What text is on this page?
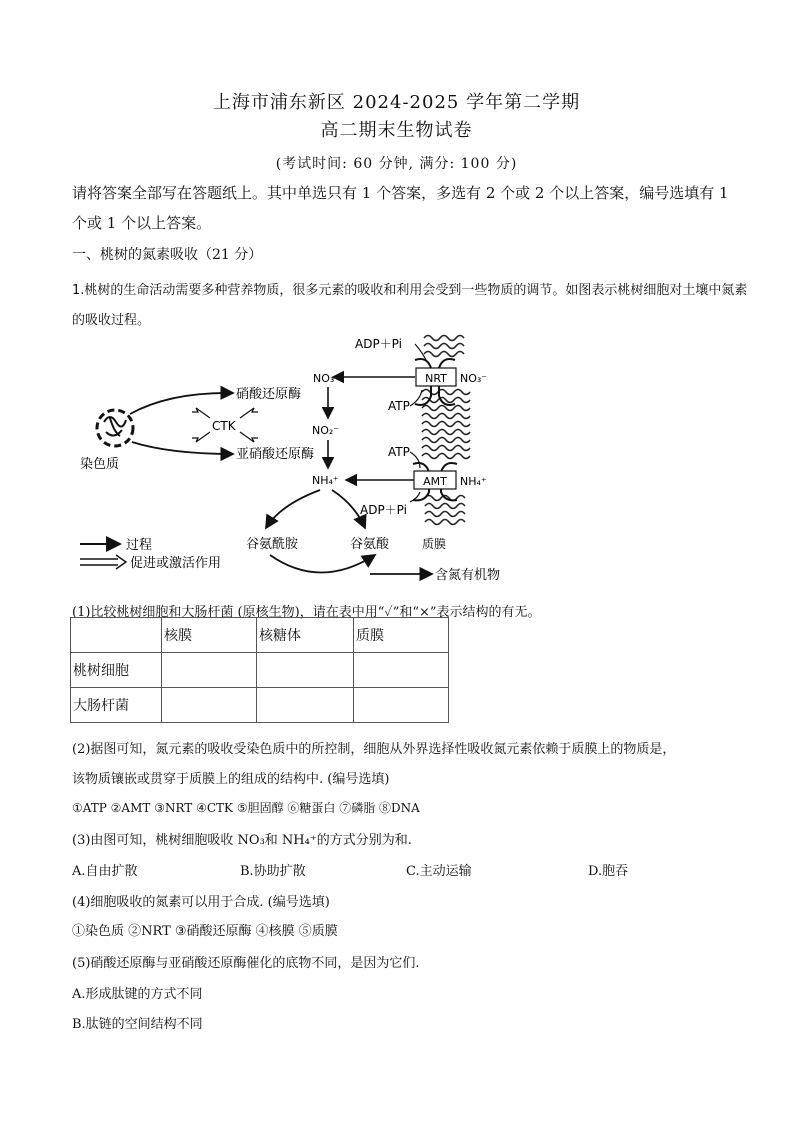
上海市浦东新区 2024-2025 学年第二学期
高二期末生物试卷
(考试时间: 60 分钟, 满分: 100 分)
请将答案全部写在答题纸上。其中单选只有 1 个答案，多选有 2 个或 2 个以上答案，编号选填有 1 个或 1 个以上答案。
一、桃树的氮素吸收（21 分）
1.桃树的生命活动需要多种营养物质，很多元素的吸收和利用会受到一些物质的调节。如图表示桃树细胞对土壤中氮素的吸收过程。
NRT
AMT
ADP＋Pi
ATP
ATP
ADP＋Pi
NO₃⁻
NO₃⁻
NO₂⁻
NH₄⁺	NH₄⁺
染色质
硝酸还原酶
亚硝酸还原酶
CTK
谷氨酰胺	谷氨酸
含氮有机物
质膜
过程
促进或激活作用
(1)比较桃树细胞和大肠杆菌 (原核生物)，请在表中用“✓”和“×”表示结构的有无。
	核膜	核糖体	质膜
桃树细胞			
大肠杆菌			
(2)据图可知，氮元素的吸收受染色质中的所控制，细胞从外界选择性吸收氮元素依赖于质膜上的物质是，
该物质镶嵌或贯穿于质膜上的组成的结构中. (编号选填)
①ATP ②AMT ③NRT ④CTK ⑤胆固醇 ⑥糖蛋白 ⑦磷脂 ⑧DNA
(3)由图可知，桃树细胞吸收 NO₃和 NH₄⁺的方式分别为和.
A.自由扩散	B.协助扩散	C.主动运输	D.胞吞
(4)细胞吸收的氮素可以用于合成. (编号选填)
①染色质 ②NRT ③硝酸还原酶 ④核膜 ⑤质膜
(5)硝酸还原酶与亚硝酸还原酶催化的底物不同，是因为它们.
A.形成肽键的方式不同
B.肽链的空间结构不同
